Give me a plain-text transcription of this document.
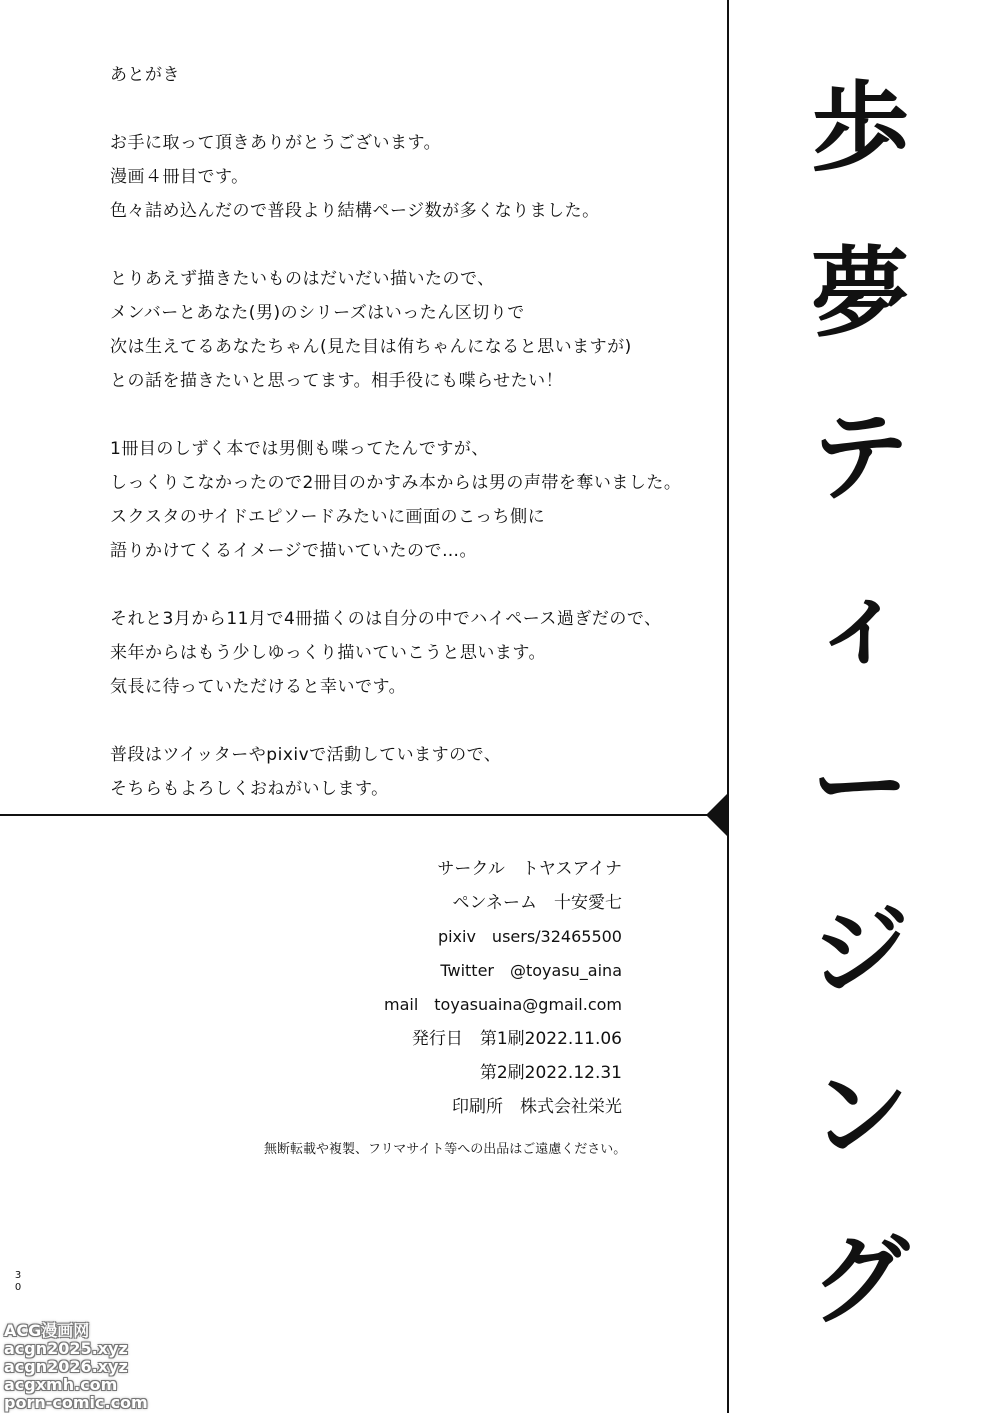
あとがき
お手に取って頂きありがとうございます。
漫画４冊目です。
色々詰め込んだので普段より結構ページ数が多くなりました。
とりあえず描きたいものはだいだい描いたので、
メンバーとあなた(男)のシリーズはいったん区切りで
次は生えてるあなたちゃん(見た目は侑ちゃんになると思いますが)
との話を描きたいと思ってます。相手役にも喋らせたい！
1冊目のしずく本では男側も喋ってたんですが、
しっくりこなかったので2冊目のかすみ本からは男の声帯を奪いました。
スクスタのサイドエピソードみたいに画面のこっち側に
語りかけてくるイメージで描いていたので…。
それと3月から11月で4冊描くのは自分の中でハイペース過ぎだので、
来年からはもう少しゆっくり描いていこうと思います。
気長に待っていただけると幸いです。
普段はツイッターやpixivで活動していますので、
そちらもよろしくおねがいします。
歩
夢
テ
ィ
ー
ジ
ン
グ
サークル　トヤスアイナ
ペンネーム　十安愛七
pixiv　users/32465500
Twitter　@toyasu_aina
mail　toyasuaina@gmail.com
発行日　第1刷2022.11.06
第2刷2022.12.31
印刷所　株式会社栄光
無断転載や複製、フリマサイト等への出品はご遠慮ください。
3
0
ACG漫画网
acgn2025.xyz
acgn2026.xyz
acgxmh.com
porn-comic.com
